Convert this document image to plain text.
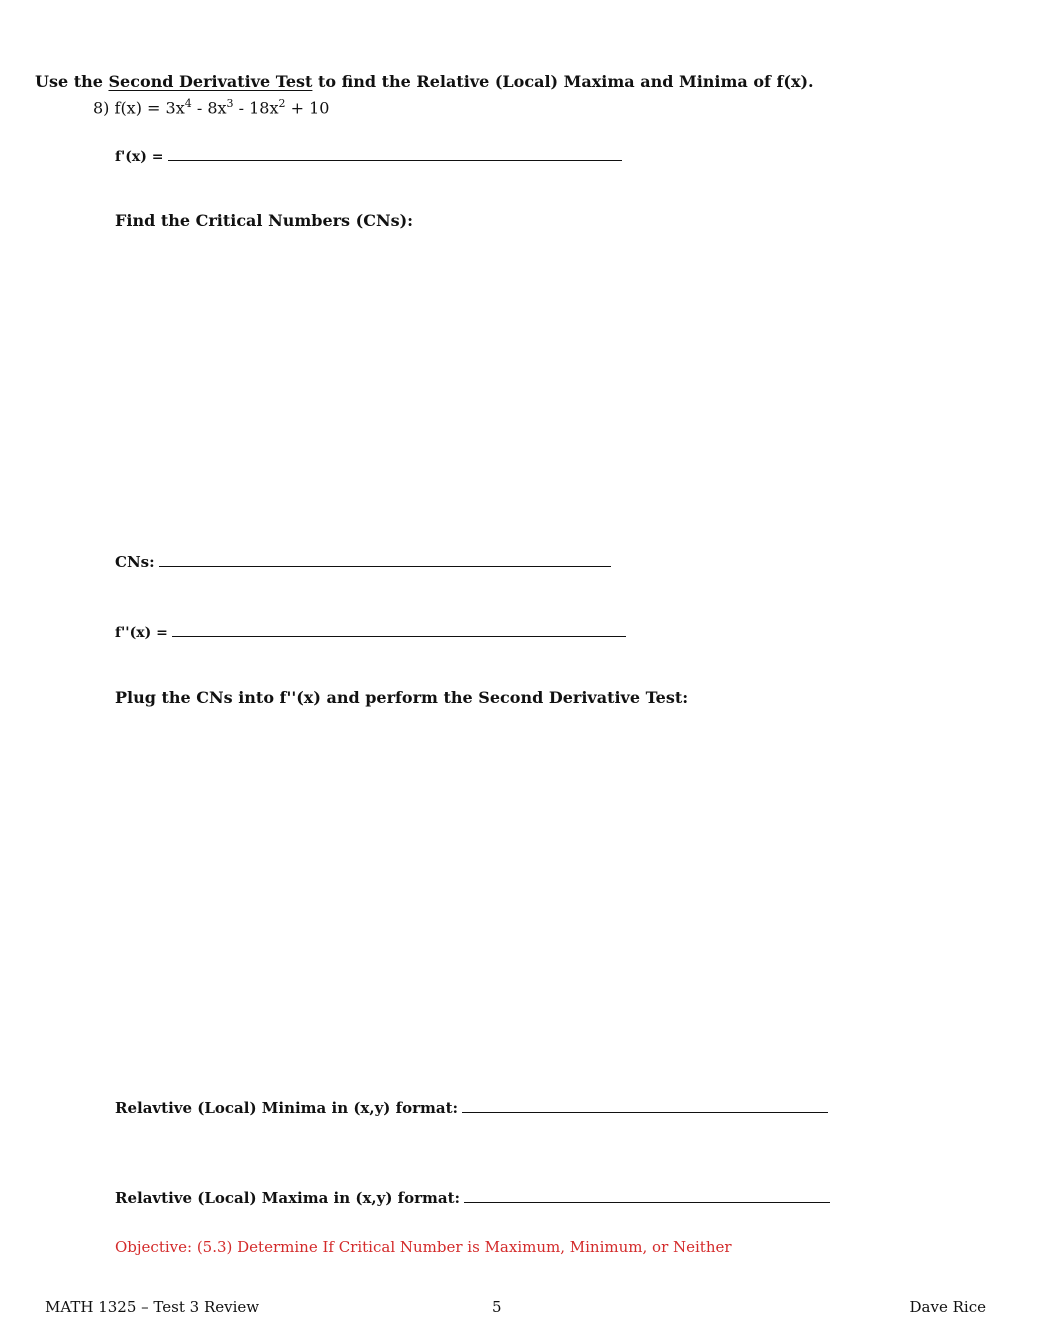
Use the Second Derivative Test to find the Relative (Local) Maxima and Minima of f(x).
8) $f(x) = 3x^4 - 8x^3 - 18x^2 + 10$
f'(x) =
Find the Critical Numbers (CNs):
CNs:
f''(x) =
Plug the CNs into f''(x) and perform the Second Derivative Test:
Relavtive (Local) Minima in (x,y) format:
Relavtive (Local) Maxima in (x,y) format:
Objective: (5.3) Determine If Critical Number is Maximum, Minimum, or Neither
MATH 1325 – Test 3 Review	5	Dave Rice
